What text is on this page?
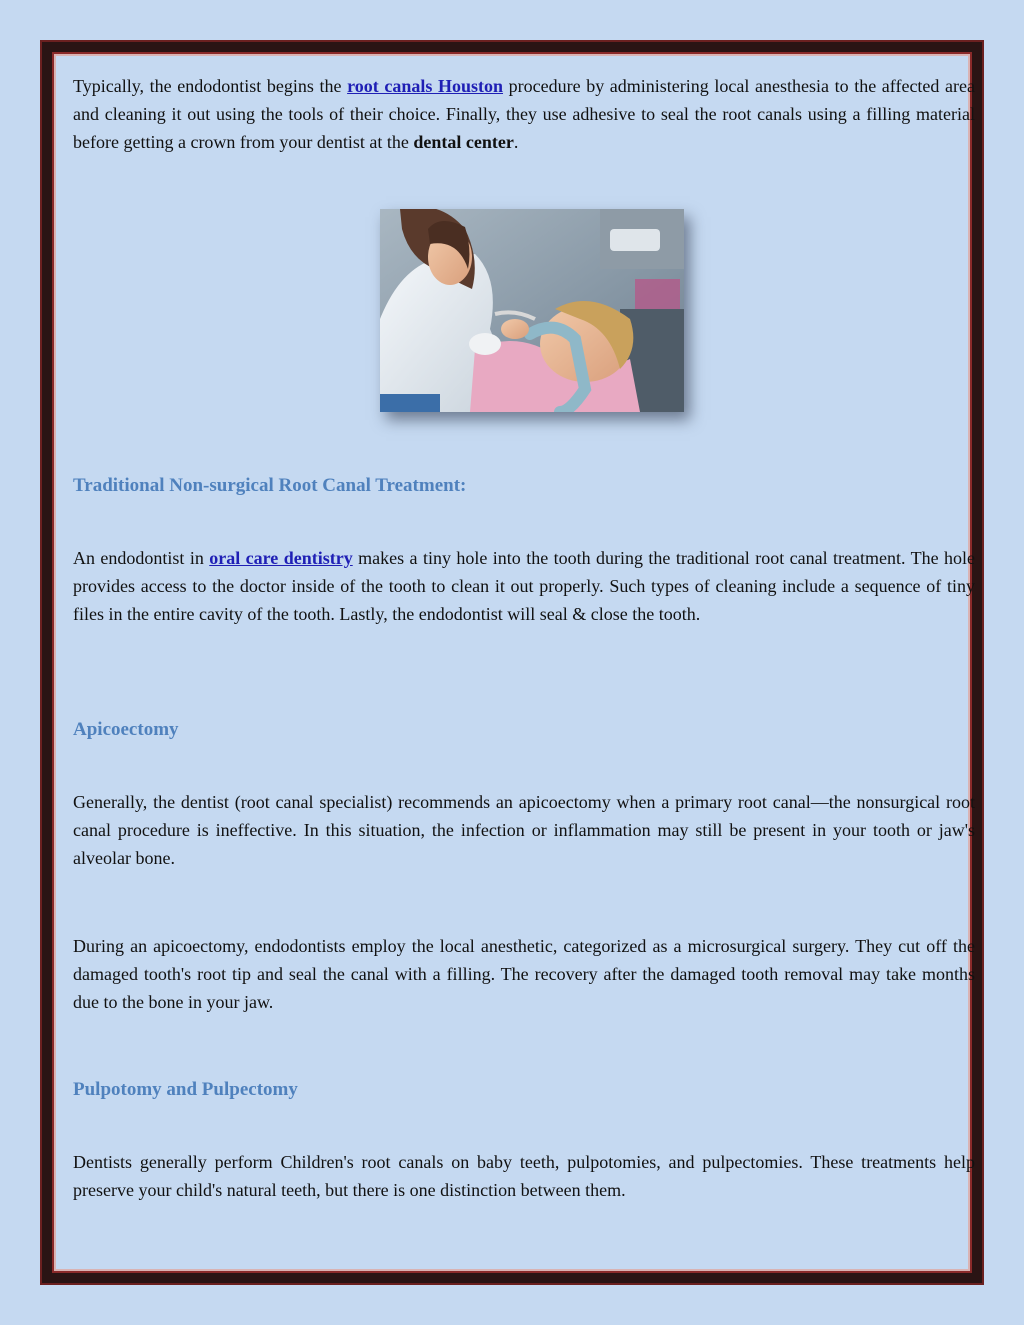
Typically, the endodontist begins the root canals Houston procedure by administering local anesthesia to the affected area and cleaning it out using the tools of their choice. Finally, they use adhesive to seal the root canals using a filling material before getting a crown from your dentist at the dental center.

Traditional Non-surgical Root Canal Treatment:

An endodontist in oral care dentistry makes a tiny hole into the tooth during the traditional root canal treatment. The hole provides access to the doctor inside of the tooth to clean it out properly. Such types of cleaning include a sequence of tiny files in the entire cavity of the tooth. Lastly, the endodontist will seal & close the tooth.

Apicoectomy

Generally, the dentist (root canal specialist) recommends an apicoectomy when a primary root canal—the nonsurgical root canal procedure is ineffective. In this situation, the infection or inflammation may still be present in your tooth or jaw's alveolar bone.

During an apicoectomy, endodontists employ the local anesthetic, categorized as a microsurgical surgery. They cut off the damaged tooth's root tip and seal the canal with a filling. The recovery after the damaged tooth removal may take months due to the bone in your jaw.

Pulpotomy and Pulpectomy

Dentists generally perform Children's root canals on baby teeth, pulpotomies, and pulpectomies. These treatments help preserve your child's natural teeth, but there is one distinction between them.
